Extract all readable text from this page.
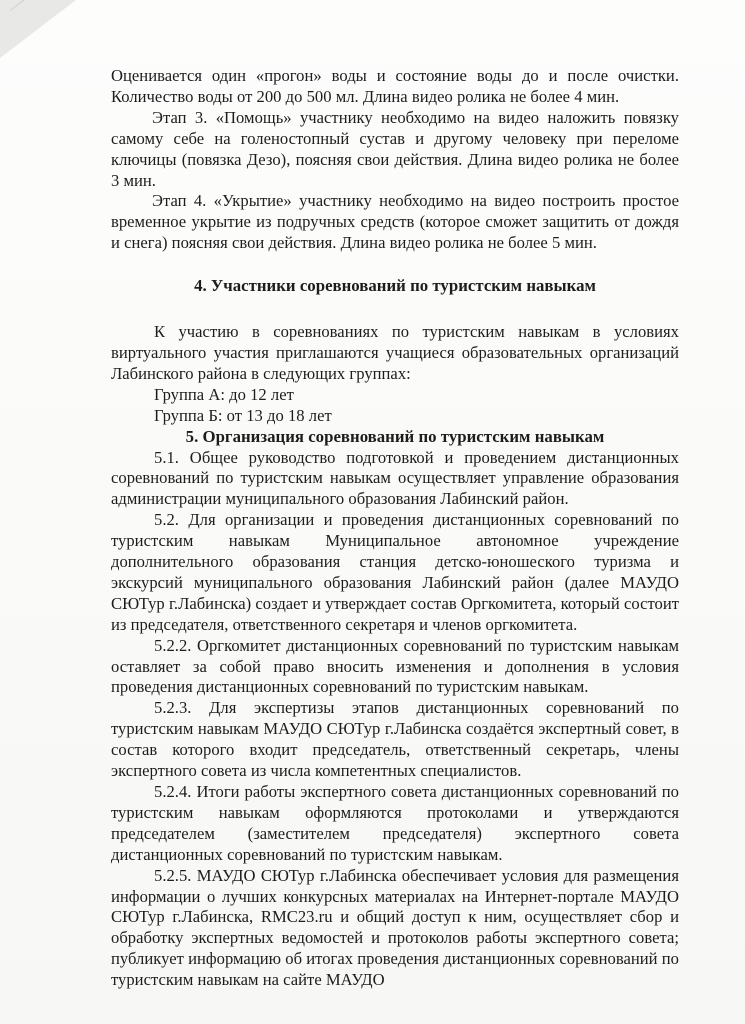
Оценивается один «прогон» воды и состояние воды до и после очистки. Количество воды от 200 до 500 мл. Длина видео ролика не более 4 мин.

Этап 3. «Помощь» участнику необходимо на видео наложить повязку самому себе на голеностопный сустав и другому человеку при переломе ключицы (повязка Дезо), поясняя свои действия. Длина видео ролика не более 3 мин.

Этап 4. «Укрытие» участнику необходимо на видео построить простое временное укрытие из подручных средств (которое сможет защитить от дождя и снега) поясняя свои действия. Длина видео ролика не более 5 мин.

4. Участники соревнований по туристским навыкам

К участию в соревнованиях по туристским навыкам в условиях виртуального участия приглашаются учащиеся образовательных организаций Лабинского района в следующих группах:

Группа А: до 12 лет

Группа Б: от 13 до 18 лет

5. Организация соревнований по туристским навыкам

5.1. Общее руководство подготовкой и проведением дистанционных соревнований по туристским навыкам осуществляет управление образования администрации муниципального образования Лабинский район.

5.2. Для организации и проведения дистанционных соревнований по туристским навыкам Муниципальное автономное учреждение дополнительного образования станция детско-юношеского туризма и экскурсий муниципального образования Лабинский район (далее МАУДО СЮТур г.Лабинска) создает и утверждает состав Оргкомитета, который состоит из председателя, ответственного секретаря и членов оргкомитета.

5.2.2. Оргкомитет дистанционных соревнований по туристским навыкам оставляет за собой право вносить изменения и дополнения в условия проведения дистанционных соревнований по туристским навыкам.

5.2.3. Для экспертизы этапов дистанционных соревнований по туристским навыкам МАУДО СЮТур г.Лабинска создаётся экспертный совет, в состав которого входит председатель, ответственный секретарь, члены экспертного совета из числа компетентных специалистов.

5.2.4. Итоги работы экспертного совета дистанционных соревнований по туристским навыкам оформляются протоколами и утверждаются председателем (заместителем председателя) экспертного совета дистанционных соревнований по туристским навыкам.

5.2.5. МАУДО СЮТур г.Лабинска обеспечивает условия для размещения информации о лучших конкурсных материалах на Интернет-портале МАУДО СЮТур г.Лабинска, RMC23.ru и общий доступ к ним, осуществляет сбор и обработку экспертных ведомостей и протоколов работы экспертного совета; публикует информацию об итогах проведения дистанционных соревнований по туристским навыкам на сайте МАУДО
